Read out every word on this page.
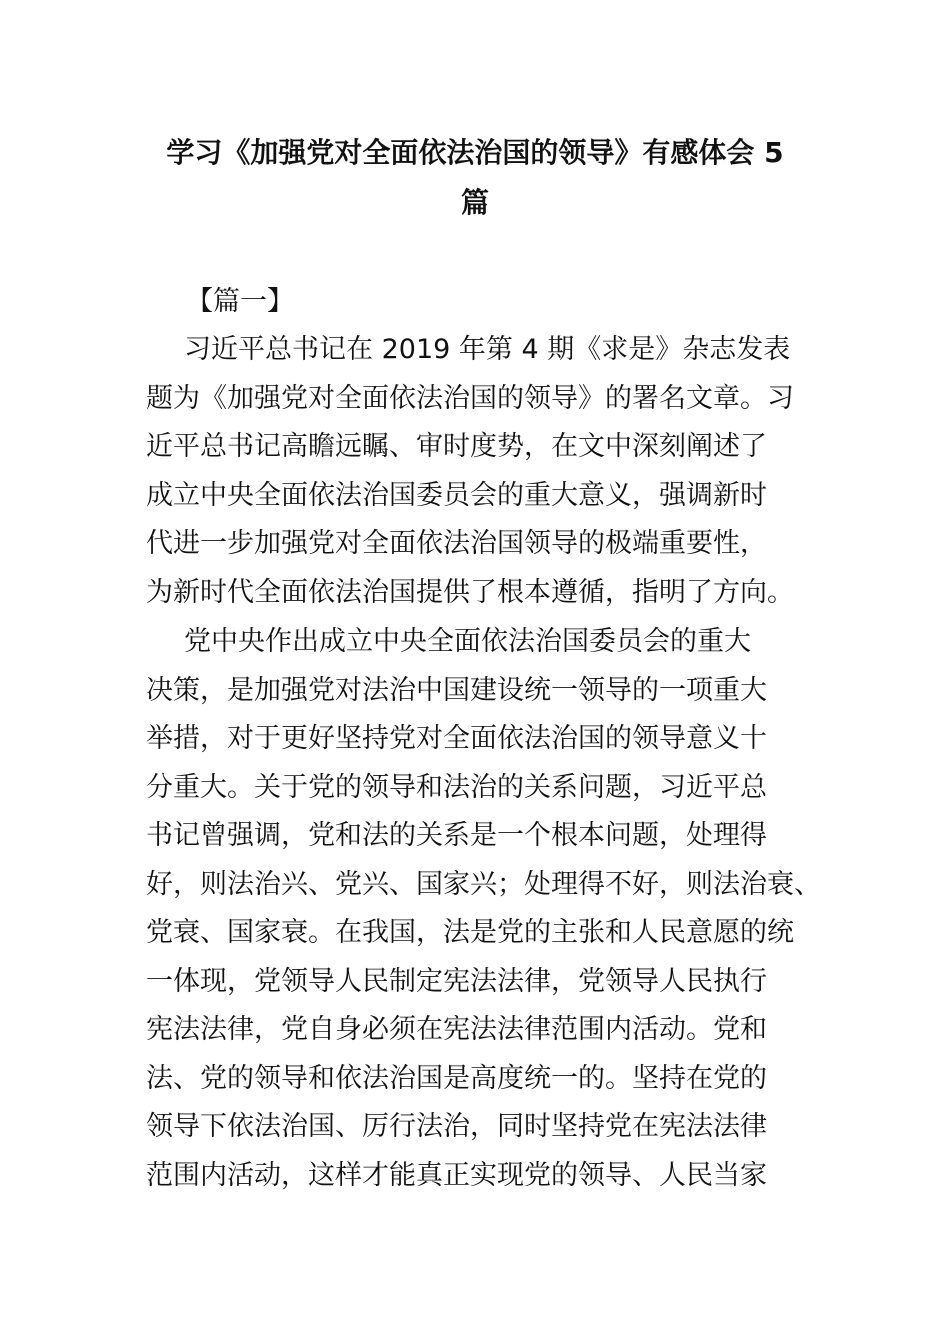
学习《加强党对全面依法治国的领导》有感体会 5
篇

【篇一】

习近平总书记在 2019 年第 4 期《求是》杂志发表
题为《加强党对全面依法治国的领导》的署名文章。习
近平总书记高瞻远瞩、审时度势，在文中深刻阐述了
成立中央全面依法治国委员会的重大意义，强调新时
代进一步加强党对全面依法治国领导的极端重要性，
为新时代全面依法治国提供了根本遵循，指明了方向。

党中央作出成立中央全面依法治国委员会的重大
决策，是加强党对法治中国建设统一领导的一项重大
举措，对于更好坚持党对全面依法治国的领导意义十
分重大。关于党的领导和法治的关系问题，习近平总
书记曾强调，党和法的关系是一个根本问题，处理得
好，则法治兴、党兴、国家兴；处理得不好，则法治衰、
党衰、国家衰。在我国，法是党的主张和人民意愿的统
一体现，党领导人民制定宪法法律，党领导人民执行
宪法法律，党自身必须在宪法法律范围内活动。党和
法、党的领导和依法治国是高度统一的。坚持在党的
领导下依法治国、厉行法治，同时坚持党在宪法法律
范围内活动，这样才能真正实现党的领导、人民当家
